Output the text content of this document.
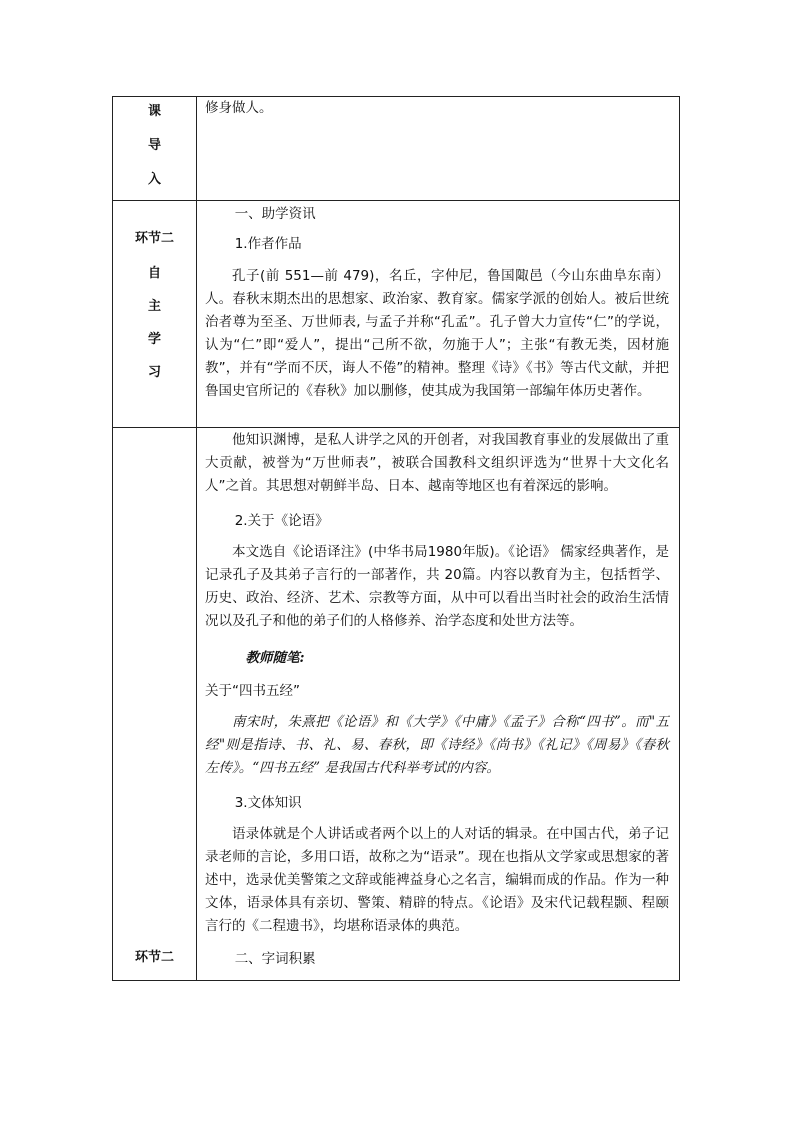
课
导
入

修身做人。

环节二
自
主
学
习

一、助学资讯

1.作者作品

孔子(前 551—前 479)，名丘，字仲尼，鲁国陬邑（今山东曲阜东南）人。春秋末期杰出的思想家、政治家、教育家。儒家学派的创始人。被后世统治者尊为至圣、万世师表, 与孟子并称“孔孟”。孔子曾大力宣传“仁”的学说，认为“仁”即“爱人”，提出“己所不欲，勿施于人”；主张“有教无类，因材施教”，并有“学而不厌，诲人不倦”的精神。整理《诗》《书》等古代文献，并把鲁国史官所记的《春秋》加以删修，使其成为我国第一部编年体历史著作。

他知识渊博，是私人讲学之风的开创者，对我国教育事业的发展做出了重大贡献，被誉为“万世师表”，被联合国教科文组织评选为“世界十大文化名人”之首。其思想对朝鲜半岛、日本、越南等地区也有着深远的影响。

2.关于《论语》

本文选自《论语译注》(中华书局1980年版)。《论语》 儒家经典著作，是记录孔子及其弟子言行的一部著作，共 20篇。内容以教育为主，包括哲学、历史、政治、经济、艺术、宗教等方面，从中可以看出当时社会的政治生活情况以及孔子和他的弟子们的人格修养、治学态度和处世方法等。

教师随笔:

关于“四书五经”

南宋时，朱熹把《论语》和《大学》《中庸》《孟子》合称“四书”。而"五经"则是指诗、书、礼、易、春秋，即《诗经》《尚书》《礼记》《周易》《春秋左传》。“四书五经” 是我国古代科举考试的内容。

3.文体知识

语录体就是个人讲话或者两个以上的人对话的辑录。在中国古代，弟子记录老师的言论，多用口语，故称之为“语录”。现在也指从文学家或思想家的著述中，选录优美警策之文辞或能裨益身心之名言，编辑而成的作品。作为一种文体，语录体具有亲切、警策、精辟的特点。《论语》及宋代记载程颢、程颐言行的《二程遗书》，均堪称语录体的典范。

二、字词积累

环节二
